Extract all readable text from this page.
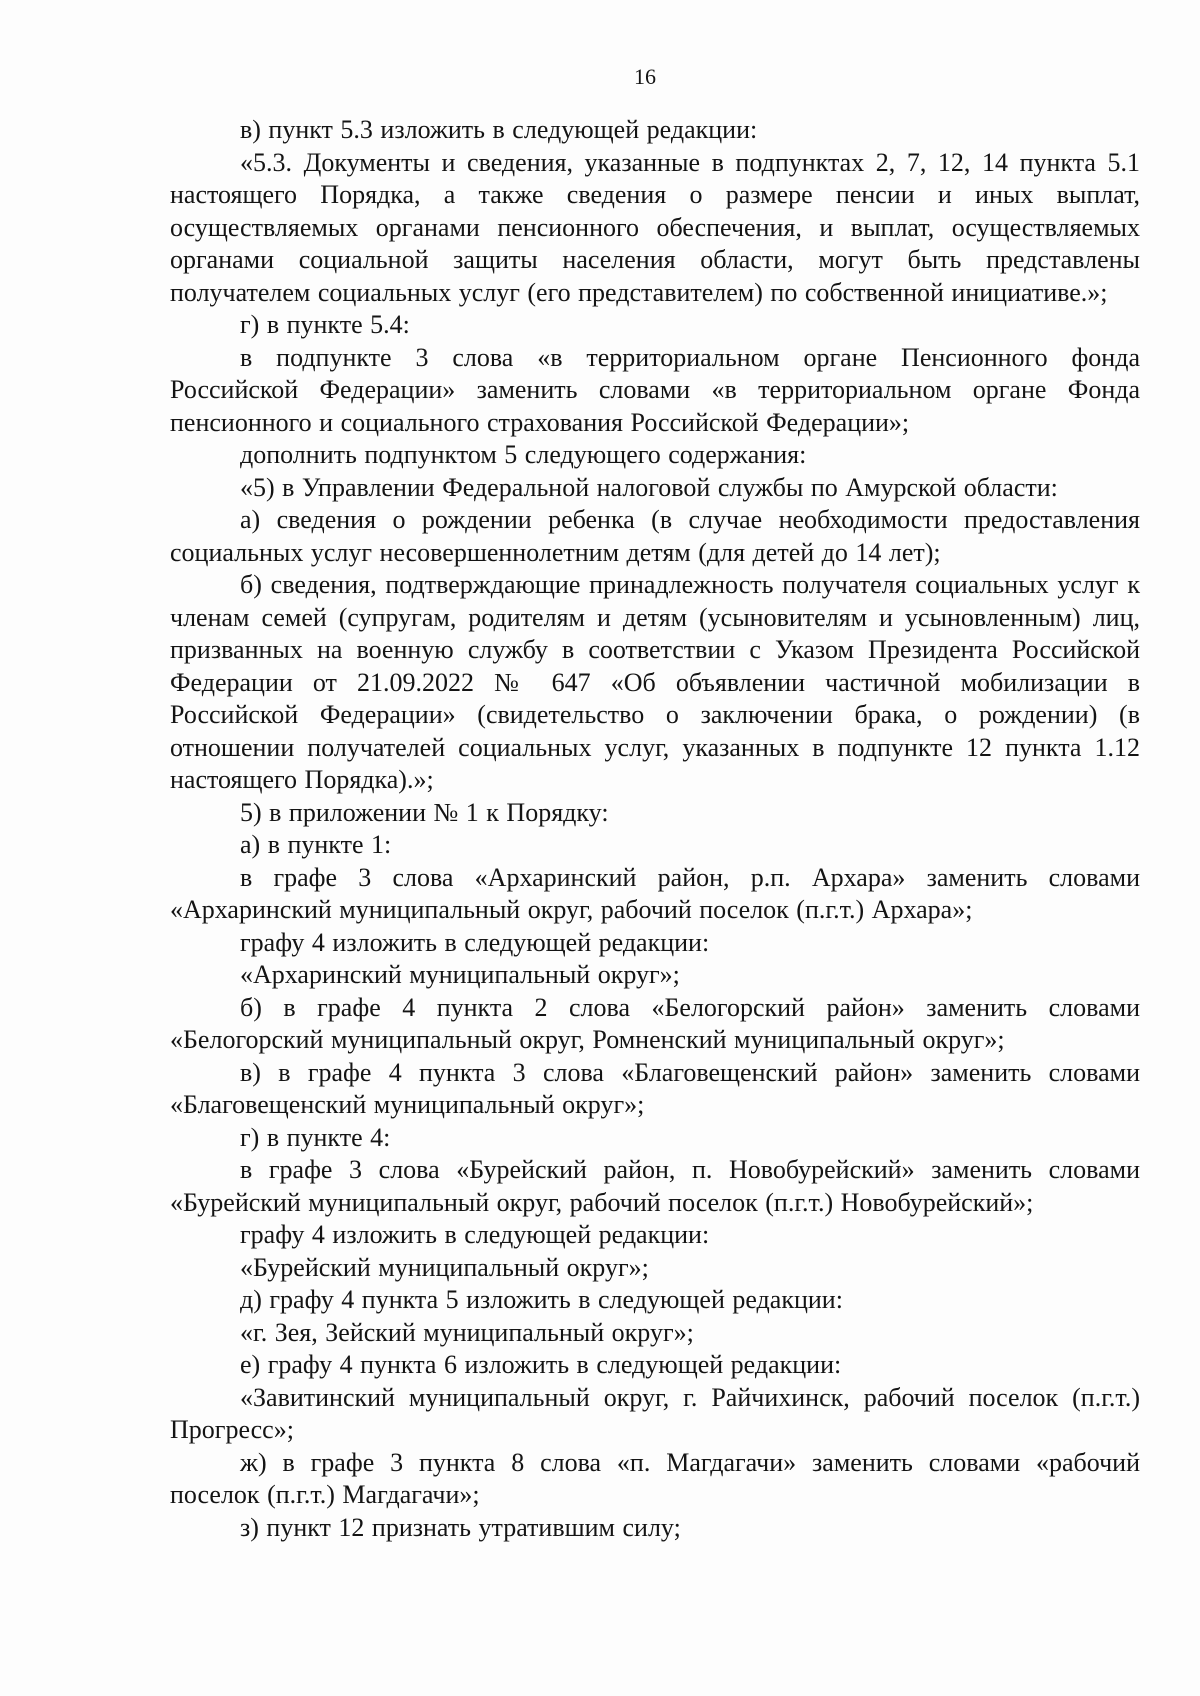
16

в) пункт 5.3 изложить в следующей редакции:

«5.3. Документы и сведения, указанные в подпунктах 2, 7, 12, 14 пункта 5.1 настоящего Порядка, а также сведения о размере пенсии и иных выплат, осуществляемых органами пенсионного обеспечения, и выплат, осуществляемых органами социальной защиты населения области, могут быть представлены получателем социальных услуг (его представителем) по собственной инициативе.»;

г) в пункте 5.4:

в подпункте 3 слова «в территориальном органе Пенсионного фонда Российской Федерации» заменить словами «в территориальном органе Фонда пенсионного и социального страхования Российской Федерации»;

дополнить подпунктом 5 следующего содержания:

«5) в Управлении Федеральной налоговой службы по Амурской области:

а) сведения о рождении ребенка (в случае необходимости предоставления социальных услуг несовершеннолетним детям (для детей до 14 лет);

б) сведения, подтверждающие принадлежность получателя социальных услуг к членам семей (супругам, родителям и детям (усыновителям и усыновленным) лиц, призванных на военную службу в соответствии с Указом Президента Российской Федерации от 21.09.2022 № 647 «Об объявлении частичной мобилизации в Российской Федерации» (свидетельство о заключении брака, о рождении) (в отношении получателей социальных услуг, указанных в подпункте 12 пункта 1.12 настоящего Порядка).»;

5) в приложении № 1 к Порядку:

а) в пункте 1:

в графе 3 слова «Архаринский район, р.п. Архара» заменить словами «Архаринский муниципальный округ, рабочий поселок (п.г.т.) Архара»;

графу 4 изложить в следующей редакции:

«Архаринский муниципальный округ»;

б) в графе 4 пункта 2 слова «Белогорский район» заменить словами «Белогорский муниципальный округ, Ромненский муниципальный округ»;

в) в графе 4 пункта 3 слова «Благовещенский район» заменить словами «Благовещенский муниципальный округ»;

г) в пункте 4:

в графе 3 слова «Бурейский район, п. Новобурейский» заменить словами «Бурейский муниципальный округ, рабочий поселок (п.г.т.) Новобурейский»;

графу 4 изложить в следующей редакции:

«Бурейский муниципальный округ»;

д) графу 4 пункта 5 изложить в следующей редакции:

«г. Зея, Зейский муниципальный округ»;

е) графу 4 пункта 6 изложить в следующей редакции:

«Завитинский муниципальный округ, г. Райчихинск, рабочий поселок (п.г.т.) Прогресс»;

ж) в графе 3 пункта 8 слова «п. Магдагачи» заменить словами «рабочий поселок (п.г.т.) Магдагачи»;

з) пункт 12 признать утратившим силу;
